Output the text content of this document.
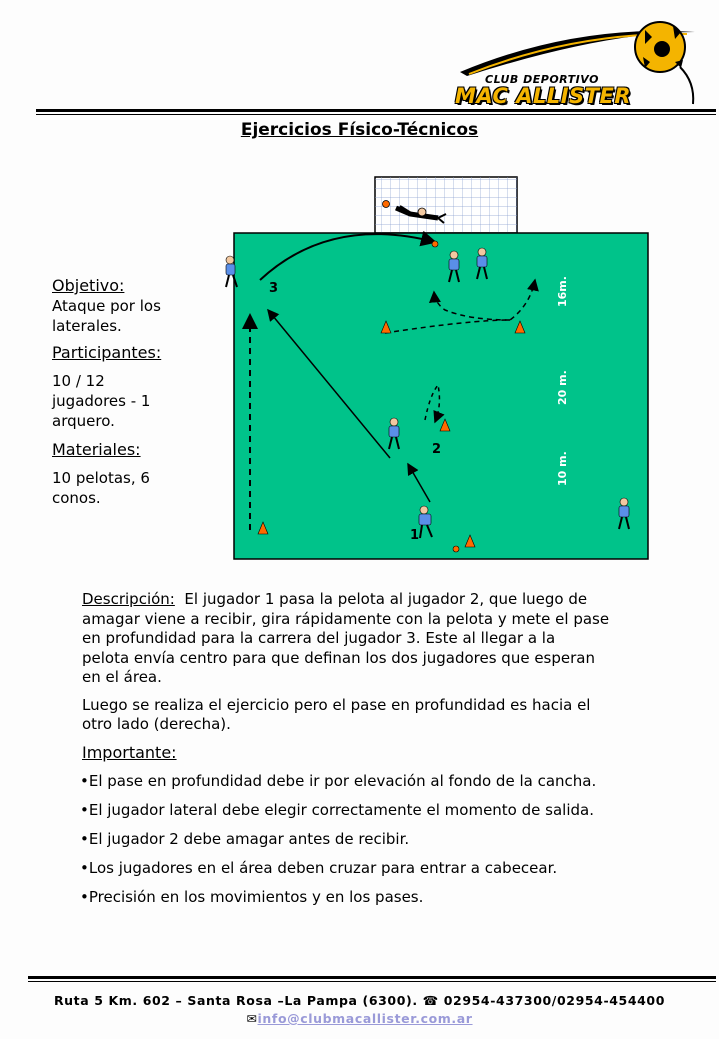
CLUB DEPORTIVO
MAC ALLISTER
Ejercicios Físico-Técnicos
Objetivo:
Ataque por los
laterales.
Participantes:
10 / 12
jugadores - 1
arquero.
Materiales:
10 pelotas, 6
conos.
3
2
1
16m.
20 m.
10 m.
Descripción: El jugador 1 pasa la pelota al jugador 2, que luego de
amagar viene a recibir, gira rápidamente con la pelota y mete el pase
en profundidad para la carrera del jugador 3. Este al llegar a la
pelota envía centro para que definan los dos jugadores que esperan
en el área.
Luego se realiza el ejercicio pero el pase en profundidad es hacia el
otro lado (derecha).
Importante:
•El pase en profundidad debe ir por elevación al fondo de la cancha.
•El jugador lateral debe elegir correctamente el momento de salida.
•El jugador 2 debe amagar antes de recibir.
•Los jugadores en el área deben cruzar para entrar a cabecear.
•Precisión en los movimientos y en los pases.
Ruta 5 Km. 602 – Santa Rosa –La Pampa (6300). ☎ 02954-437300/02954-454400
✉info@clubmacallister.com.ar
